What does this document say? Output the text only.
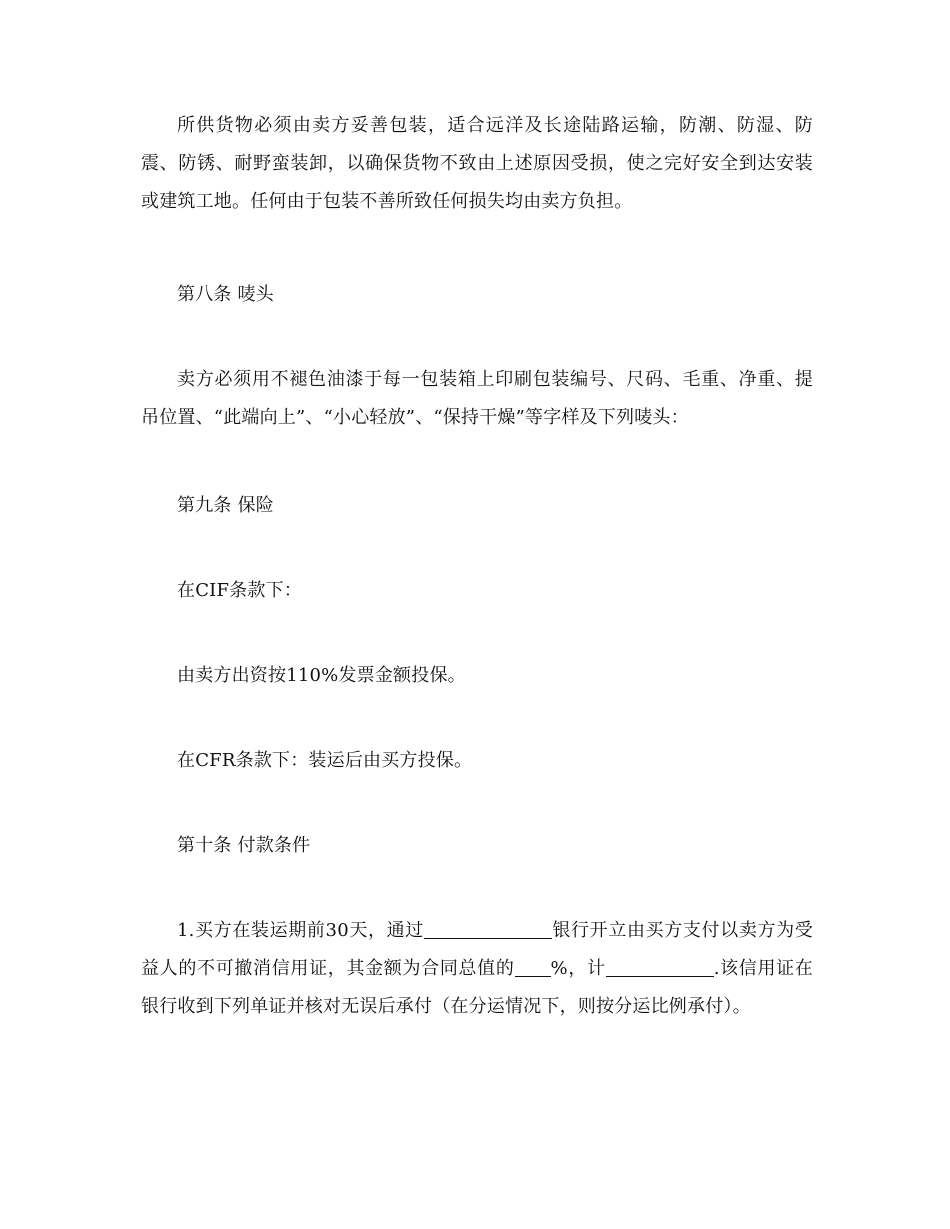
所供货物必须由卖方妥善包装，适合远洋及长途陆路运输，防潮、防湿、防震、防锈、耐野蛮装卸，以确保货物不致由上述原因受损，使之完好安全到达安装或建筑工地。任何由于包装不善所致任何损失均由卖方负担。

第八条 唛头

卖方必须用不褪色油漆于每一包装箱上印刷包装编号、尺码、毛重、净重、提吊位置、“此端向上”、“小心轻放”、“保持干燥”等字样及下列唛头：

第九条 保险

在CIF条款下：

由卖方出资按110%发票金额投保。

在CFR条款下：装运后由买方投保。

第十条 付款条件

1.买方在装运期前30天，通过	银行开立由买方支付以卖方为受益人的不可撤消信用证，其金额为合同总值的 %，计	.该信用证在银行收到下列单证并核对无误后承付（在分运情况下，则按分运比例承付）。
